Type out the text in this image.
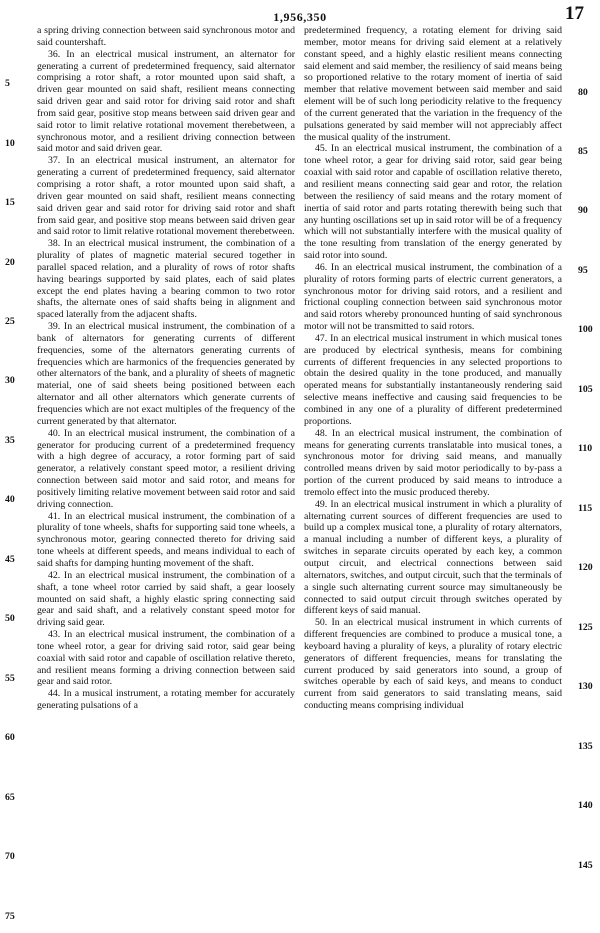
1,956,350	17

a spring driving connection between said synchronous motor and said countershaft.

36. In an electrical musical instrument, an alternator for generating a current of predetermined frequency, said alternator comprising a rotor shaft, a rotor mounted upon said shaft, a driven gear mounted on said shaft, resilient means connecting said driven gear and said rotor for driving said rotor and shaft from said gear, positive stop means between said driven gear and said rotor to limit relative rotational movement therebetween, a synchronous motor, and a resilient driving connection between said motor and said driven gear.

37. In an electrical musical instrument, an alternator for generating a current of predetermined frequency, said alternator comprising a rotor shaft, a rotor mounted upon said shaft, a driven gear mounted on said shaft, resilient means connecting said driven gear and said rotor for driving said rotor and shaft from said gear, and positive stop means between said driven gear and said rotor to limit relative rotational movement therebetween.

38. In an electrical musical instrument, the combination of a plurality of plates of magnetic material secured together in parallel spaced relation, and a plurality of rows of rotor shafts having bearings supported by said plates, each of said plates except the end plates having a bearing common to two rotor shafts, the alternate ones of said shafts being in alignment and spaced laterally from the adjacent shafts.

39. In an electrical musical instrument, the combination of a bank of alternators for generating currents of different frequencies, some of the alternators generating currents of frequencies which are harmonics of the frequencies generated by other alternators of the bank, and a plurality of sheets of magnetic material, one of said sheets being positioned between each alternator and all other alternators which generate currents of frequencies which are not exact multiples of the frequency of the current generated by that alternator.

40. In an electrical musical instrument, the combination of a generator for producing current of a predetermined frequency with a high degree of accuracy, a rotor forming part of said generator, a relatively constant speed motor, a resilient driving connection between said motor and said rotor, and means for positively limiting relative movement between said rotor and said driving connection.

41. In an electrical musical instrument, the combination of a plurality of tone wheels, shafts for supporting said tone wheels, a synchronous motor, gearing connected thereto for driving said tone wheels at different speeds, and means individual to each of said shafts for damping hunting movement of the shaft.

42. In an electrical musical instrument, the combination of a shaft, a tone wheel rotor carried by said shaft, a gear loosely mounted on said shaft, a highly elastic spring connecting said gear and said shaft, and a relatively constant speed motor for driving said gear.

43. In an electrical musical instrument, the combination of a tone wheel rotor, a gear for driving said rotor, said gear being coaxial with said rotor and capable of oscillation relative thereto, and resilient means forming a driving connection between said gear and said rotor.

44. In a musical instrument, a rotating member for accurately generating pulsations of a

predetermined frequency, a rotating element for driving said member, motor means for driving said element at a relatively constant speed, and a highly elastic resilient means connecting said element and said member, the resiliency of said means being so proportioned relative to the rotary moment of inertia of said member that relative movement between said member and said element will be of such long periodicity relative to the frequency of the current generated that the variation in the frequency of the pulsations generated by said member will not appreciably affect the musical quality of the instrument.

45. In an electrical musical instrument, the combination of a tone wheel rotor, a gear for driving said rotor, said gear being coaxial with said rotor and capable of oscillation relative thereto, and resilient means connecting said gear and rotor, the relation between the resiliency of said means and the rotary moment of inertia of said rotor and parts rotating therewith being such that any hunting oscillations set up in said rotor will be of a frequency which will not substantially interfere with the musical quality of the tone resulting from translation of the energy generated by said rotor into sound.

46. In an electrical musical instrument, the combination of a plurality of rotors forming parts of electric current generators, a synchronous motor for driving said rotors, and a resilient and frictional coupling connection between said synchronous motor and said rotors whereby pronounced hunting of said synchronous motor will not be transmitted to said rotors.

47. In an electrical musical instrument in which musical tones are produced by electrical synthesis, means for combining currents of different frequencies in any selected proportions to obtain the desired quality in the tone produced, and manually operated means for substantially instantaneously rendering said selective means ineffective and causing said frequencies to be combined in any one of a plurality of different predetermined proportions.

48. In an electrical musical instrument, the combination of means for generating currents translatable into musical tones, a synchronous motor for driving said means, and manually controlled means driven by said motor periodically to by-pass a portion of the current produced by said means to introduce a tremolo effect into the music produced thereby.

49. In an electrical musical instrument in which a plurality of alternating current sources of different frequencies are used to build up a complex musical tone, a plurality of rotary alternators, a manual including a number of different keys, a plurality of switches in separate circuits operated by each key, a common output circuit, and electrical connections between said alternators, switches, and output circuit, such that the terminals of a single such alternating current source may simultaneously be connected to said output circuit through switches operated by different keys of said manual.

50. In an electrical musical instrument in which currents of different frequencies are combined to produce a musical tone, a keyboard having a plurality of keys, a plurality of rotary electric generators of different frequencies, means for translating the current produced by said generators into sound, a group of switches operable by each of said keys, and means to conduct current from said generators to said translating means, said conducting means comprising individual

5
10
15
20
25
30
35
40
45
50
55
60
65
70
75
80
85
90
95
100
105
110
115
120
125
130
135
140
145
